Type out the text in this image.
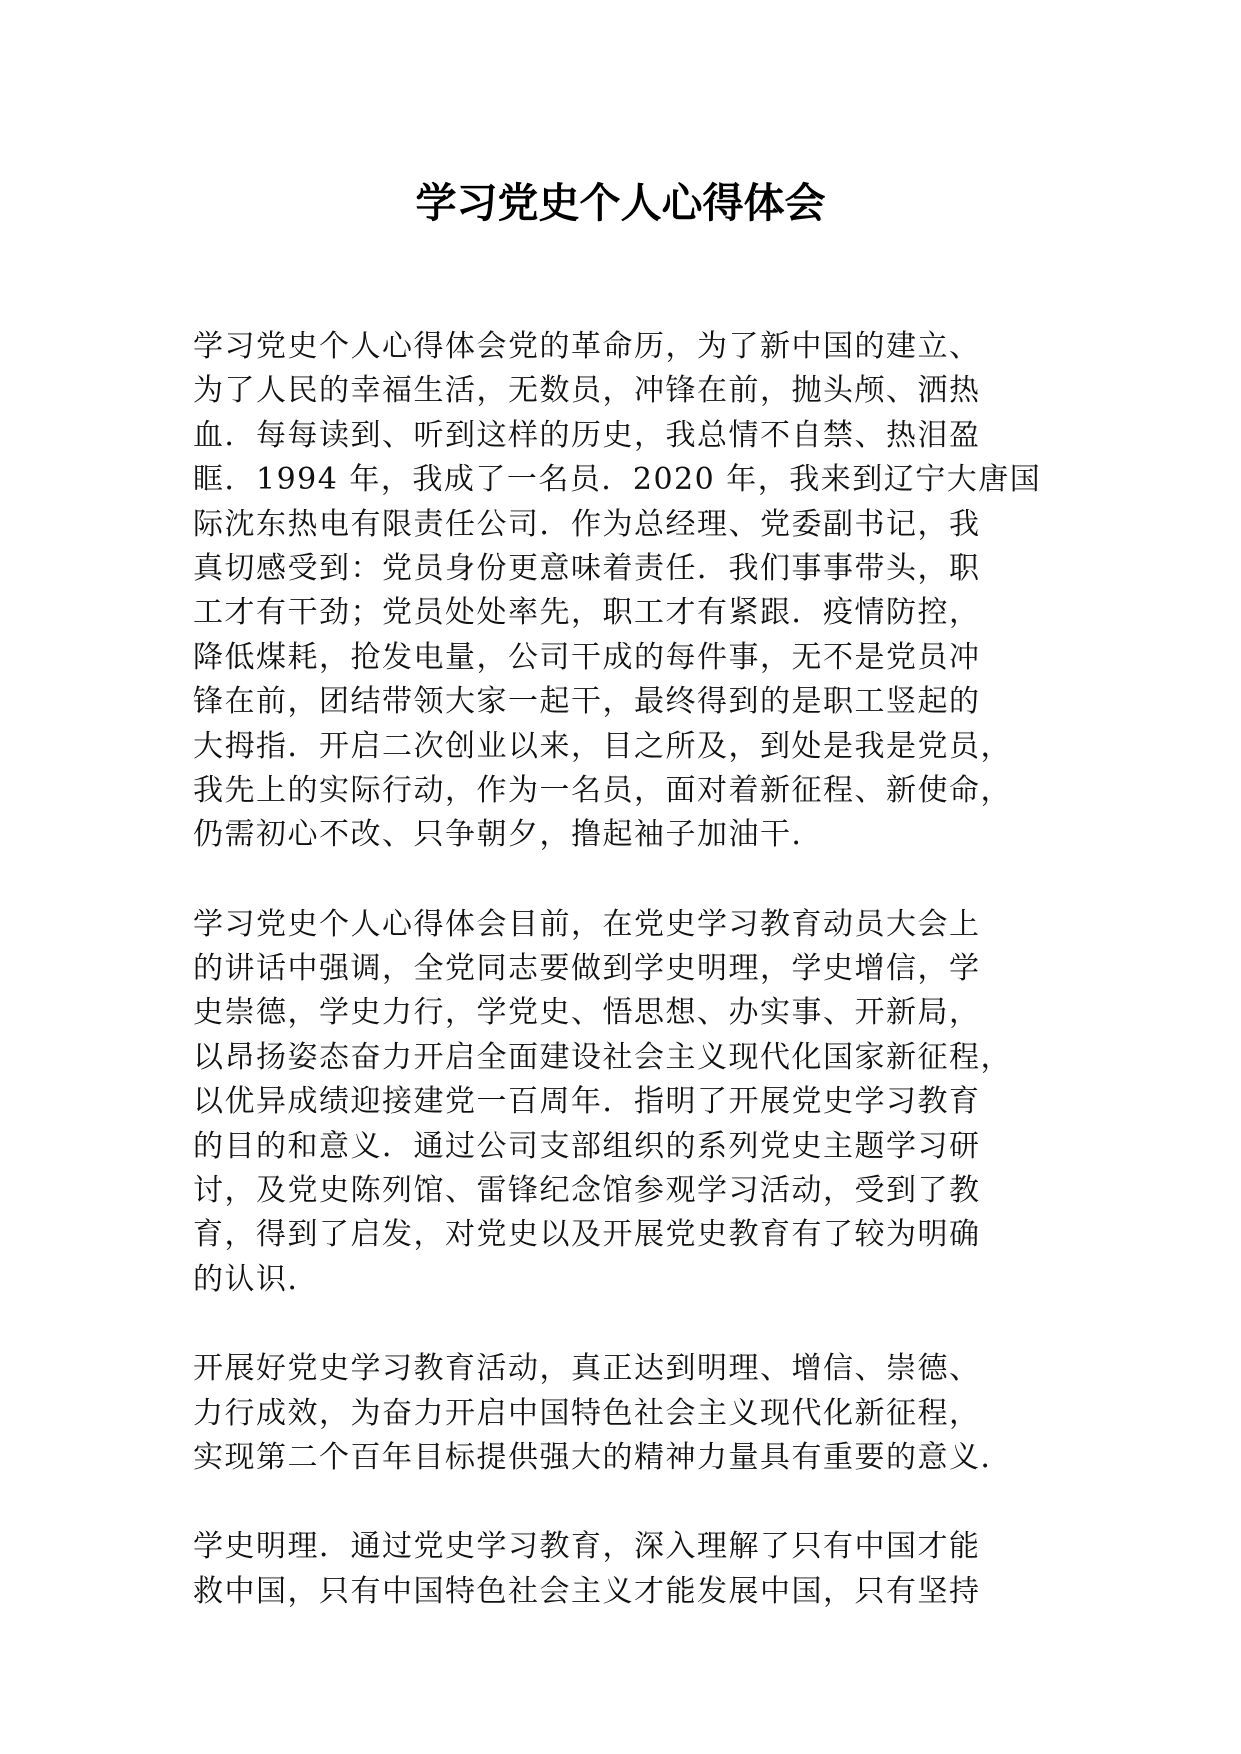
学习党史个人心得体会
学习党史个人心得体会党的革命历，为了新中国的建立、
为了人民的幸福生活，无数员，冲锋在前，抛头颅、洒热
血．每每读到、听到这样的历史，我总情不自禁、热泪盈
眶．1994 年，我成了一名员．2020 年，我来到辽宁大唐国
际沈东热电有限责任公司．作为总经理、党委副书记，我
真切感受到：党员身份更意味着责任．我们事事带头，职
工才有干劲；党员处处率先，职工才有紧跟．疫情防控，
降低煤耗，抢发电量，公司干成的每件事，无不是党员冲
锋在前，团结带领大家一起干，最终得到的是职工竖起的
大拇指．开启二次创业以来，目之所及，到处是我是党员，
我先上的实际行动，作为一名员，面对着新征程、新使命，
仍需初心不改、只争朝夕，撸起袖子加油干．
学习党史个人心得体会目前，在党史学习教育动员大会上
的讲话中强调，全党同志要做到学史明理，学史增信，学
史崇德，学史力行，学党史、悟思想、办实事、开新局，
以昂扬姿态奋力开启全面建设社会主义现代化国家新征程，
以优异成绩迎接建党一百周年．指明了开展党史学习教育
的目的和意义．通过公司支部组织的系列党史主题学习研
讨，及党史陈列馆、雷锋纪念馆参观学习活动，受到了教
育，得到了启发，对党史以及开展党史教育有了较为明确
的认识．
开展好党史学习教育活动，真正达到明理、增信、崇德、
力行成效，为奋力开启中国特色社会主义现代化新征程，
实现第二个百年目标提供强大的精神力量具有重要的意义．
学史明理．通过党史学习教育，深入理解了只有中国才能
救中国，只有中国特色社会主义才能发展中国，只有坚持
